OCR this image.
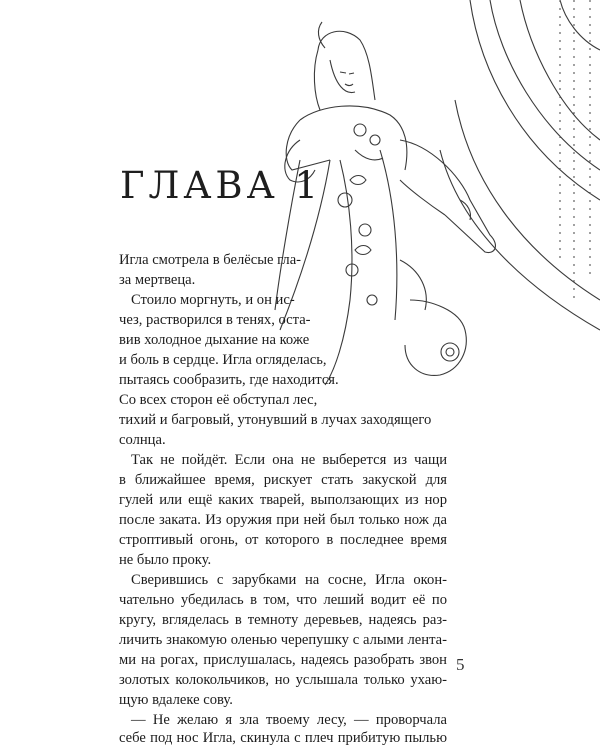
ГЛАВА 1
Игла смотрела в белёсые гла-
за мертвеца.
Стоило моргнуть, и он ис-
чез, растворился в тенях, оста-
вив холодное дыхание на коже
и боль в сердце. Игла огляделась,
пытаясь сообразить, где находится.
Со всех сторон её обступал лес,
тихий и багровый, утонувший в лучах заходящего
солнца.
Так не пойдёт. Если она не выберется из чащи
в ближайшее время, рискует стать закуской для
гулей или ещё каких тварей, выползающих из нор
после заката. Из оружия при ней был только нож да
строптивый огонь, от которого в последнее время
не было проку.
Сверившись с зарубками на сосне, Игла окон-
чательно убедилась в том, что леший водит её по
кругу, вгляделась в темноту деревьев, надеясь раз-
личить знакомую оленью черепушку с алыми лента-
ми на рогах, прислушалась, надеясь разобрать звон
золотых колокольчиков, но услышала только ухаю-
щую вдалеке сову.
— Не желаю я зла твоему лесу, — проворчала
себе под нос Игла, скинула с плеч прибитую пылью
5
